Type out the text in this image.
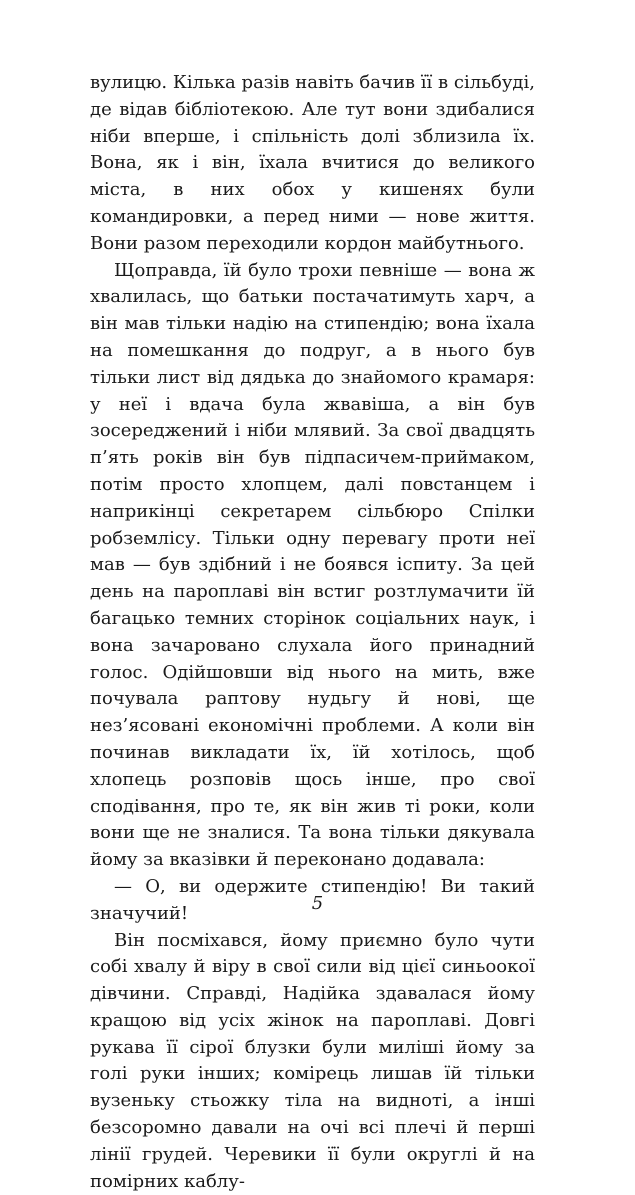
вулицю. Кілька разів навіть бачив її в сільбуді, де відав бібліотекою. Але тут вони здибалися ніби вперше, і спільність долі зблизила їх. Вона, як і він, їхала вчитися до великого міста, в них обох у кишенях були командировки, а перед ними — нове життя. Вони разом переходили кордон майбутнього.

Щоправда, їй було трохи певніше — вона ж хвалилась, що батьки постачатимуть харч, а він мав тільки надію на стипендію; вона їхала на помешкання до подруг, а в нього був тільки лист від дядька до знайомого крамаря: у неї і вдача була жвавіша, а він був зосереджений і ніби млявий. За свої двадцять п’ять років він був підпасичем-приймаком, потім просто хлопцем, далі повстанцем і наприкінці секретарем сільбюро Спілки робземлісу. Тільки одну перевагу проти неї мав — був здібний і не боявся іспиту. За цей день на пароплаві він встиг розтлумачити їй багацько темних сторінок соціальних наук, і вона зачаровано слухала його принадний голос. Одійшовши від нього на мить, вже почувала раптову нудьгу й нові, ще нез’ясовані економічні проблеми. А коли він починав викладати їх, їй хотілось, щоб хлопець розповів щось інше, про свої сподівання, про те, як він жив ті роки, коли вони ще не зналися. Та вона тільки дякувала йому за вказівки й переконано додавала:

— О, ви одержите стипендію! Ви такий значучий!

Він посміхався, йому приємно було чути собі хвалу й віру в свої сили від цієї синьоокої дівчини. Справді, Надійка здавалася йому кращою від усіх жінок на пароплаві. Довгі рукава її сірої блузки були миліші йому за голі руки інших; комірець лишав їй тільки вузеньку стьожку тіла на видноті, а інші безсоромно давали на очі всі плечі й перші лінії грудей. Черевики її були округлі й на помірних каблу-

5
